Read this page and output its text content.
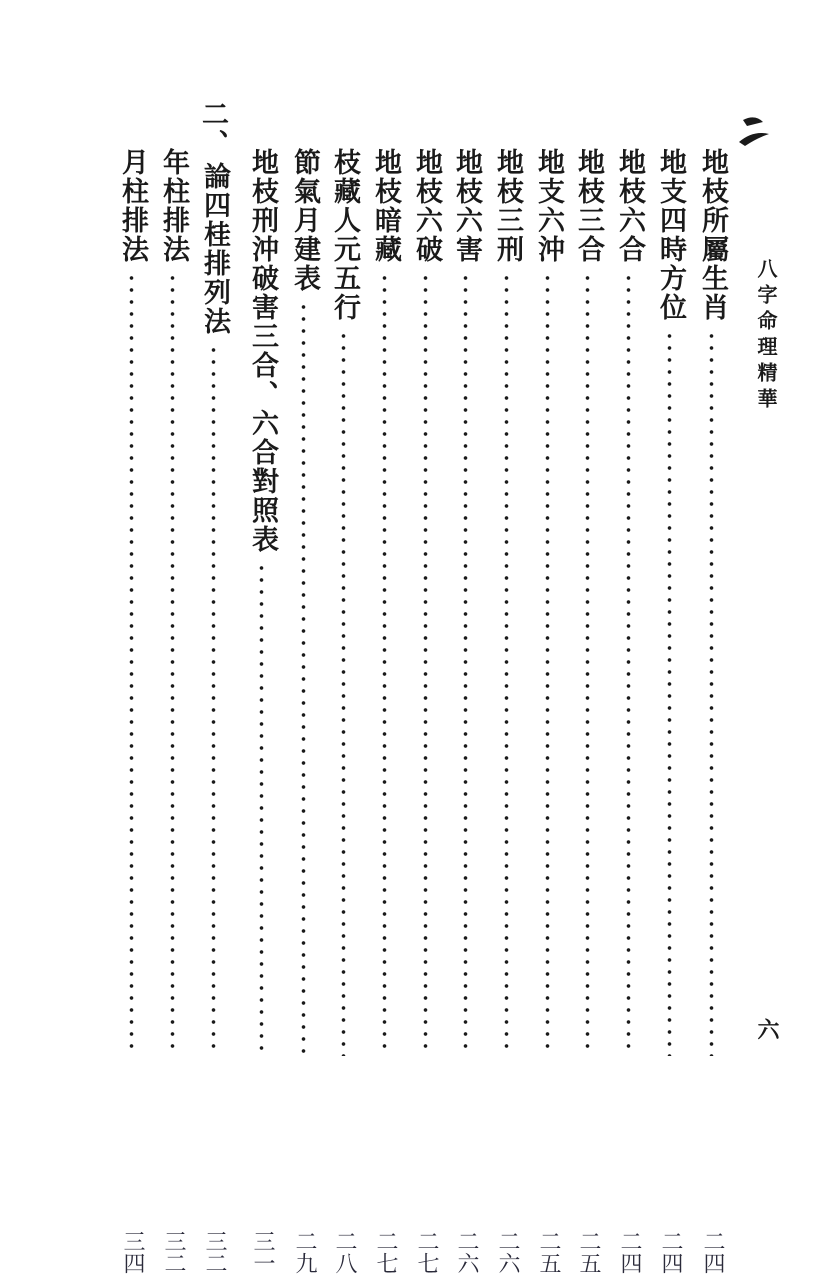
八字命理精華
六
地枝所屬生肖
二四
地支四時方位
二四
地枝六合
二四
地枝三合
二五
地支六沖
二五
地枝三刑
二六
地枝六害
二六
地枝六破
二七
地枝暗藏
二七
枝藏人元五行
二八
節氣月建表
二九
地枝刑沖破害三合、六合對照表
三一
二、
論四桂排列法
三二
年柱排法
三二
月柱排法
三四
